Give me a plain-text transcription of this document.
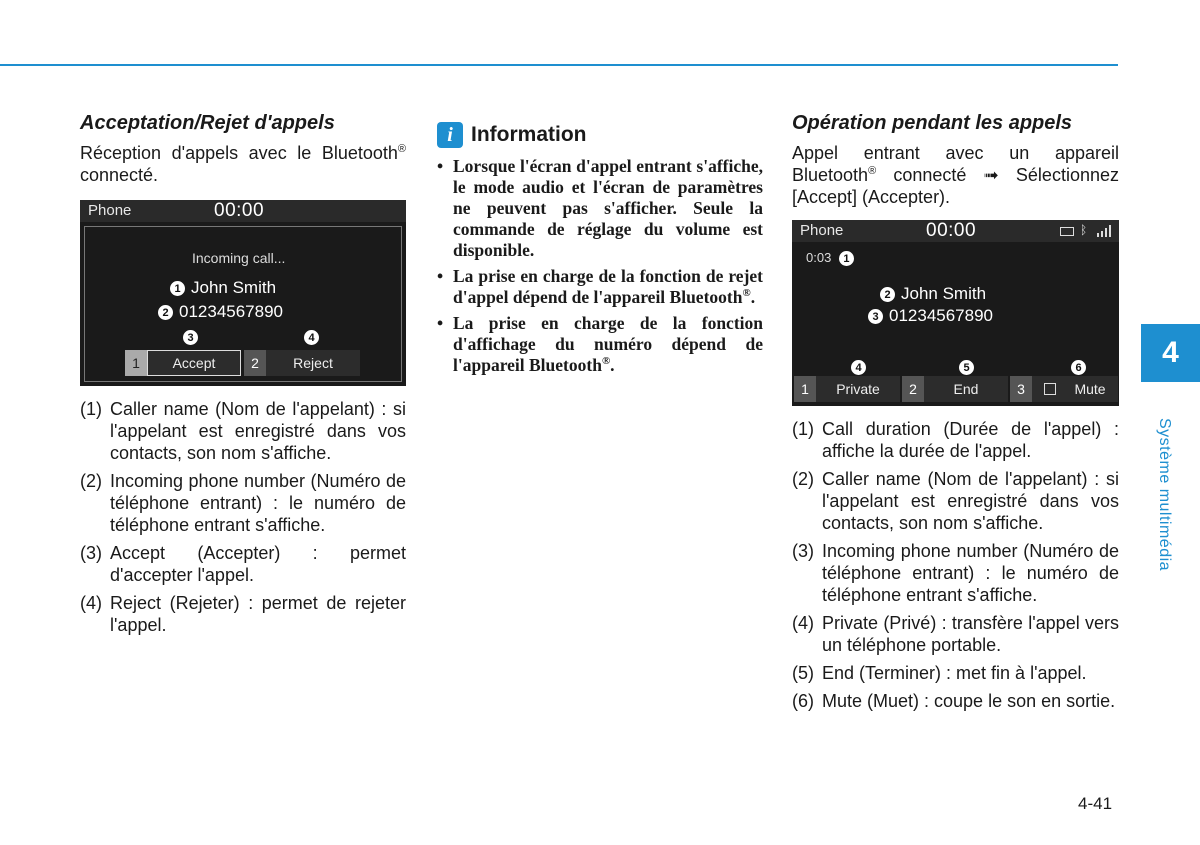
Acceptation/Rejet d'appels

Réception d'appels avec le Bluetooth® connecté.

Phone	00:00
Incoming call...
1 John Smith
2 01234567890
3	4
1	Accept	2	Reject
(1) Caller name (Nom de l'appelant) : si l'appelant est enregistré dans vos contacts, son nom s'affiche.
(2) Incoming phone number (Numéro de téléphone entrant) : le numéro de téléphone entrant s'affiche.
(3) Accept (Accepter) : permet d'accepter l'appel.
(4) Reject (Rejeter) : permet de rejeter l'appel.
i Information
• Lorsque l'écran d'appel entrant s'affiche, le mode audio et l'écran de paramètres ne peuvent pas s'afficher. Seule la commande de réglage du volume est disponible.
• La prise en charge de la fonction de rejet d'appel dépend de l'appareil Bluetooth®.
• La prise en charge de la fonction d'affichage du numéro dépend de l'appareil Bluetooth®.
Opération pendant les appels

Appel entrant avec un appareil Bluetooth® connecté ➟ Sélectionnez [Accept] (Accepter).

Phone	00:00	ᛒ
0:03 1
2 John Smith
3 01234567890
4	5	6
1	Private	2	End	3	Mute
(1) Call duration (Durée de l'appel) : affiche la durée de l'appel.
(2) Caller name (Nom de l'appelant) : si l'appelant est enregistré dans vos contacts, son nom s'affiche.
(3) Incoming phone number (Numéro de téléphone entrant) : le numéro de téléphone entrant s'affiche.
(4) Private (Privé) : transfère l'appel vers un téléphone portable.
(5) End (Terminer) : met fin à l'appel.
(6) Mute (Muet) : coupe le son en sortie.
4
Système multimédia
4-41
